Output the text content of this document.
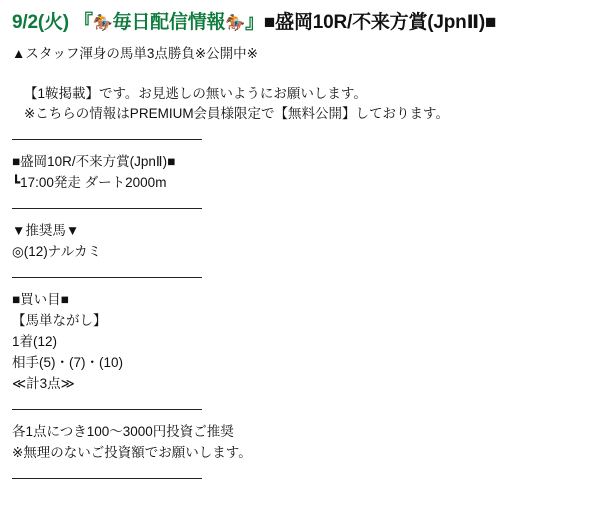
9/2(火) 『🏇毎日配信情報🏇』■盛岡10R/不来方賞(JpnⅡ)■
▲スタッフ渾身の馬単3点勝負※公開中※
【1鞍掲載】です。お見逃しの無いようにお願いします。
※こちらの情報はPREMIUM会員様限定で【無料公開】しております。
■盛岡10R/不来方賞(JpnⅡ)■
┗17:00発走 ダート2000m
▼推奨馬▼
◎(12)ナルカミ
■買い目■
【馬単ながし】
1着(12)
相手(5)・(7)・(10)
≪計3点≫
各1点につき100〜3000円投資ご推奨
※無理のないご投資額でお願いします。
